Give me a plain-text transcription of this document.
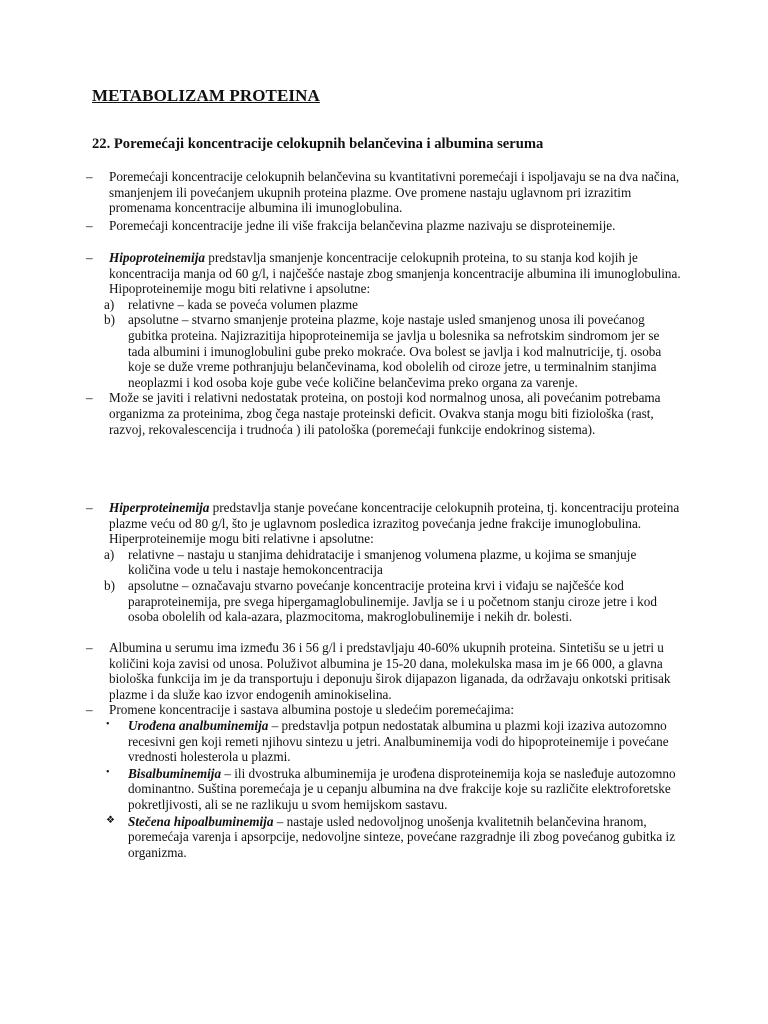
METABOLIZAM PROTEINA
22. Poremećaji koncentracije celokupnih belančevina i albumina seruma
– Poremećaji koncentracije celokupnih belančevina su kvantitativni poremećaji i ispoljavaju se na dva načina, smanjenjem ili povećanjem ukupnih proteina plazme. Ove promene nastaju uglavnom pri izrazitim promenama koncentracije albumina ili imunoglobulina.
– Poremećaji koncentracije jedne ili više frakcija belančevina plazme nazivaju se disproteinemije.
– Hipoproteinemija predstavlja smanjenje koncentracije celokupnih proteina, to su stanja kod kojih je koncentracija manja od 60 g/l, i najčešće nastaje zbog smanjenja koncentracije albumina ili imunoglobulina.
Hipoproteinemije mogu biti relativne i apsolutne:
a) relativne – kada se poveća volumen plazme
b) apsolutne – stvarno smanjenje proteina plazme, koje nastaje usled smanjenog unosa ili povećanog gubitka proteina. Najizrazitija hipoproteinemija se javlja u bolesnika sa nefrotskim sindromom jer se tada albumini i imunoglobulini gube preko mokraće. Ova bolest se javlja i kod malnutricije, tj. osoba koje se duže vreme pothranjuju belančevinama, kod obolelih od ciroze jetre, u terminalnim stanjima neoplazmi i kod osoba koje gube veće količine belančevima preko organa za varenje.
– Može se javiti i relativni nedostatak proteina, on postoji kod normalnog unosa, ali povećanim potrebama organizma za proteinima, zbog čega nastaje proteinski deficit. Ovakva stanja mogu biti fiziološka (rast, razvoj, rekovalescencija i trudnoća ) ili patološka (poremećaji funkcije endokrinog sistema).
– Hiperproteinemija predstavlja stanje povećane koncentracije celokupnih proteina, tj. koncentraciju proteina plazme veću od 80 g/l, što je uglavnom posledica izrazitog povećanja jedne frakcije imunoglobulina. Hiperproteinemije mogu biti relativne i apsolutne:
a) relativne – nastaju u stanjima dehidratacije i smanjenog volumena plazme, u kojima se smanjuje količina vode u telu i nastaje hemokoncentracija
b) apsolutne – označavaju stvarno povećanje koncentracije proteina krvi i viđaju se najčešće kod paraproteinemija, pre svega hipergamaglobulinemije. Javlja se i u početnom stanju ciroze jetre i kod osoba obolelih od kala-azara, plazmocitoma, makroglobulinemije i nekih dr. bolesti.
– Albumina u serumu ima između 36 i 56 g/l i predstavljaju 40-60% ukupnih proteina. Sintetišu se u jetri u količini koja zavisi od unosa. Poluživot albumina je 15-20 dana, molekulska masa im je 66 000, a glavna biološka funkcija im je da transportuju i deponuju širok dijapazon liganada, da održavaju onkotski pritisak plazme i da služe kao izvor endogenih aminokiselina.
– Promene koncentracije i sastava albumina postoje u sledećim poremećajima:
• Urođena analbuminemija – predstavlja potpun nedostatak albumina u plazmi koji izaziva autozomno recesivni gen koji remeti njihovu sintezu u jetri. Analbuminemija vodi do hipoproteinemije i povećane vrednosti holesterola u plazmi.
• Bisalbuminemija – ili dvostruka albuminemija je urođena disproteinemija koja se nasleđuje autozomno dominantno. Suština poremećaja je u cepanju albumina na dve frakcije koje su različite elektroforetske pokretljivosti, ali se ne razlikuju u svom hemijskom sastavu.
❖ Stečena hipoalbuminemija – nastaje usled nedovoljnog unošenja kvalitetnih belančevina hranom, poremećaja varenja i apsorpcije, nedovoljne sinteze, povećane razgradnje ili zbog povećanog gubitka iz organizma.
